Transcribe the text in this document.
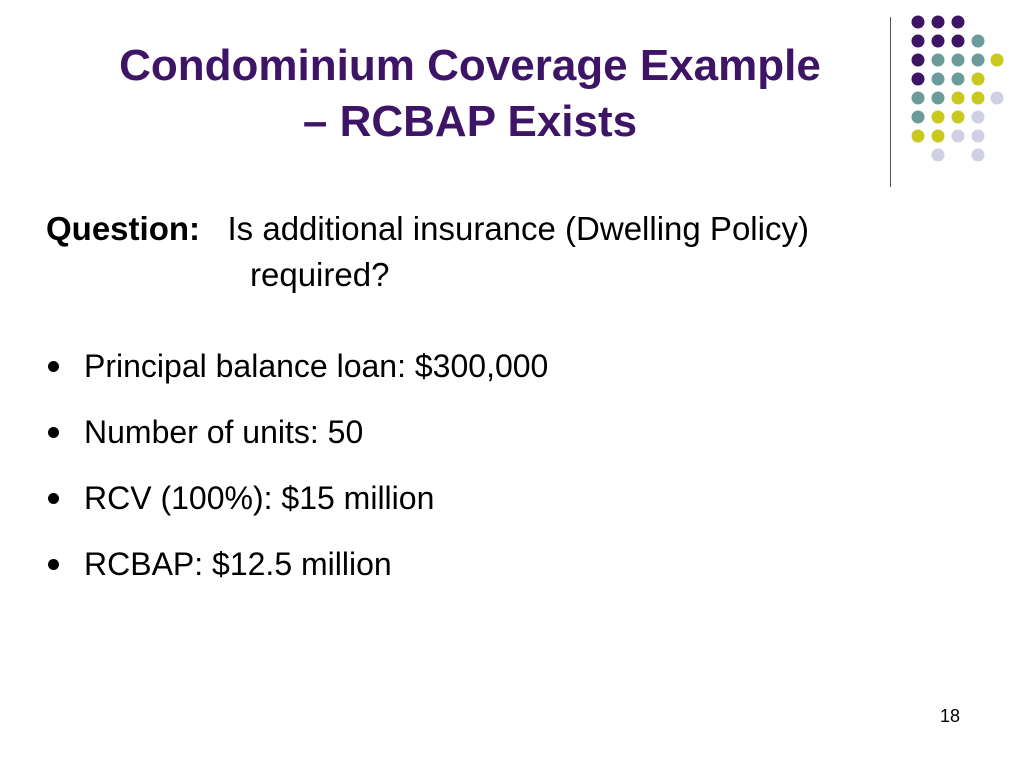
Condominium Coverage Example
– RCBAP Exists
Question: Is additional insurance (Dwelling Policy)
required?
Principal balance loan: $300,000
Number of units: 50
RCV (100%): $15 million
RCBAP: $12.5 million
18
